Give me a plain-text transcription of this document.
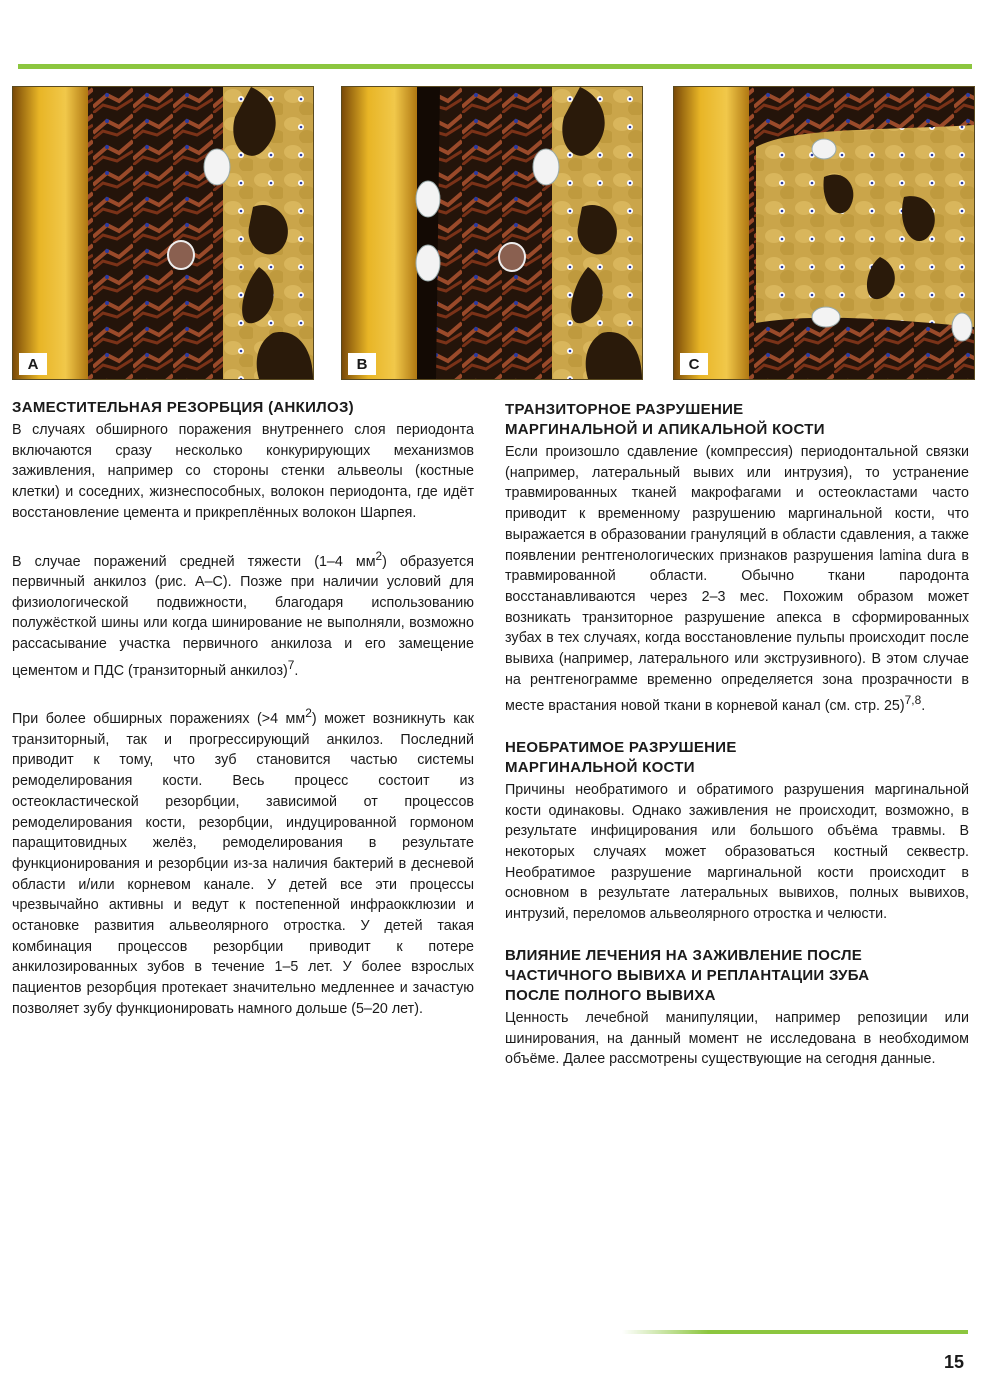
A	B	C
ЗАМЕСТИТЕЛЬНАЯ РЕЗОРБЦИЯ (АНКИЛОЗ)

В случаях обширного поражения внутреннего слоя периодонта включаются сразу несколько конкурирующих механизмов заживления, например со стороны стенки альвеолы (костные клетки) и соседних, жизнеспособных, волокон периодонта, где идёт восстановление цемента и прикреплённых волокон Шарпея.

В случае поражений средней тяжести (1–4 $мм^2$) образуется первичный анкилоз (рис. A–C). Позже при наличии условий для физиологической подвижности, благодаря использованию полужёсткой шины или когда шинирование не выполняли, возможно рассасывание участка первичного анкилоза и его замещение цементом и ПДС (транзиторный анкилоз)$^7$.

При более обширных поражениях (>4 $мм^2$) может возникнуть как транзиторный, так и прогрессирующий анкилоз. Последний приводит к тому, что зуб становится частью системы ремоделирования кости. Весь процесс состоит из остеокластической резорбции, зависимой от процессов ремоделирования кости, резорбции, индуцированной гормоном паращитовидных желёз, ремоделирования в результате функционирования и резорбции из-за наличия бактерий в десневой области и/или корневом канале. У детей все эти процессы чрезвычайно активны и ведут к постепенной инфраокклюзии и остановке развития альвеолярного отростка. У детей такая комбинация процессов резорбции приводит к потере анкилозированных зубов в течение 1–5 лет. У более взрослых пациентов резорбция протекает значительно медленнее и зачастую позволяет зубу функционировать намного дольше (5–20 лет).

ТРАНЗИТОРНОЕ РАЗРУШЕНИЕ
МАРГИНАЛЬНОЙ И АПИКАЛЬНОЙ КОСТИ

Если произошло сдавление (компрессия) периодонтальной связки (например, латеральный вывих или интрузия), то устранение травмированных тканей макрофагами и остеокластами часто приводит к временному разрушению маргинальной кости, что выражается в образовании грануляций в области сдавления, а также появлении рентгенологических признаков разрушения lamina dura в травмированной области. Обычно ткани пародонта восстанавливаются через 2–3 мес. Похожим образом может возникать транзиторное разрушение апекса в сформированных зубах в тех случаях, когда восстановление пульпы происходит после вывиха (например, латерального или экструзивного). В этом случае на рентгенограмме временно определяется зона прозрачности в месте врастания новой ткани в корневой канал (см. стр. 25)$^{7,8}$.

НЕОБРАТИМОЕ РАЗРУШЕНИЕ
МАРГИНАЛЬНОЙ КОСТИ

Причины необратимого и обратимого разрушения маргинальной кости одинаковы. Однако заживления не происходит, возможно, в результате инфицирования или большого объёма травмы. В некоторых случаях может образоваться костный секвестр. Необратимое разрушение маргинальной кости происходит в основном в результате латеральных вывихов, полных вывихов, интрузий, переломов альвеолярного отростка и челюсти.

ВЛИЯНИЕ ЛЕЧЕНИЯ НА ЗАЖИВЛЕНИЕ ПОСЛЕ
ЧАСТИЧНОГО ВЫВИХА И РЕПЛАНТАЦИИ ЗУБА
ПОСЛЕ ПОЛНОГО ВЫВИХА

Ценность лечебной манипуляции, например репозиции или шинирования, на данный момент не исследована в необходимом объёме. Далее рассмотрены существующие на сегодня данные.

15
